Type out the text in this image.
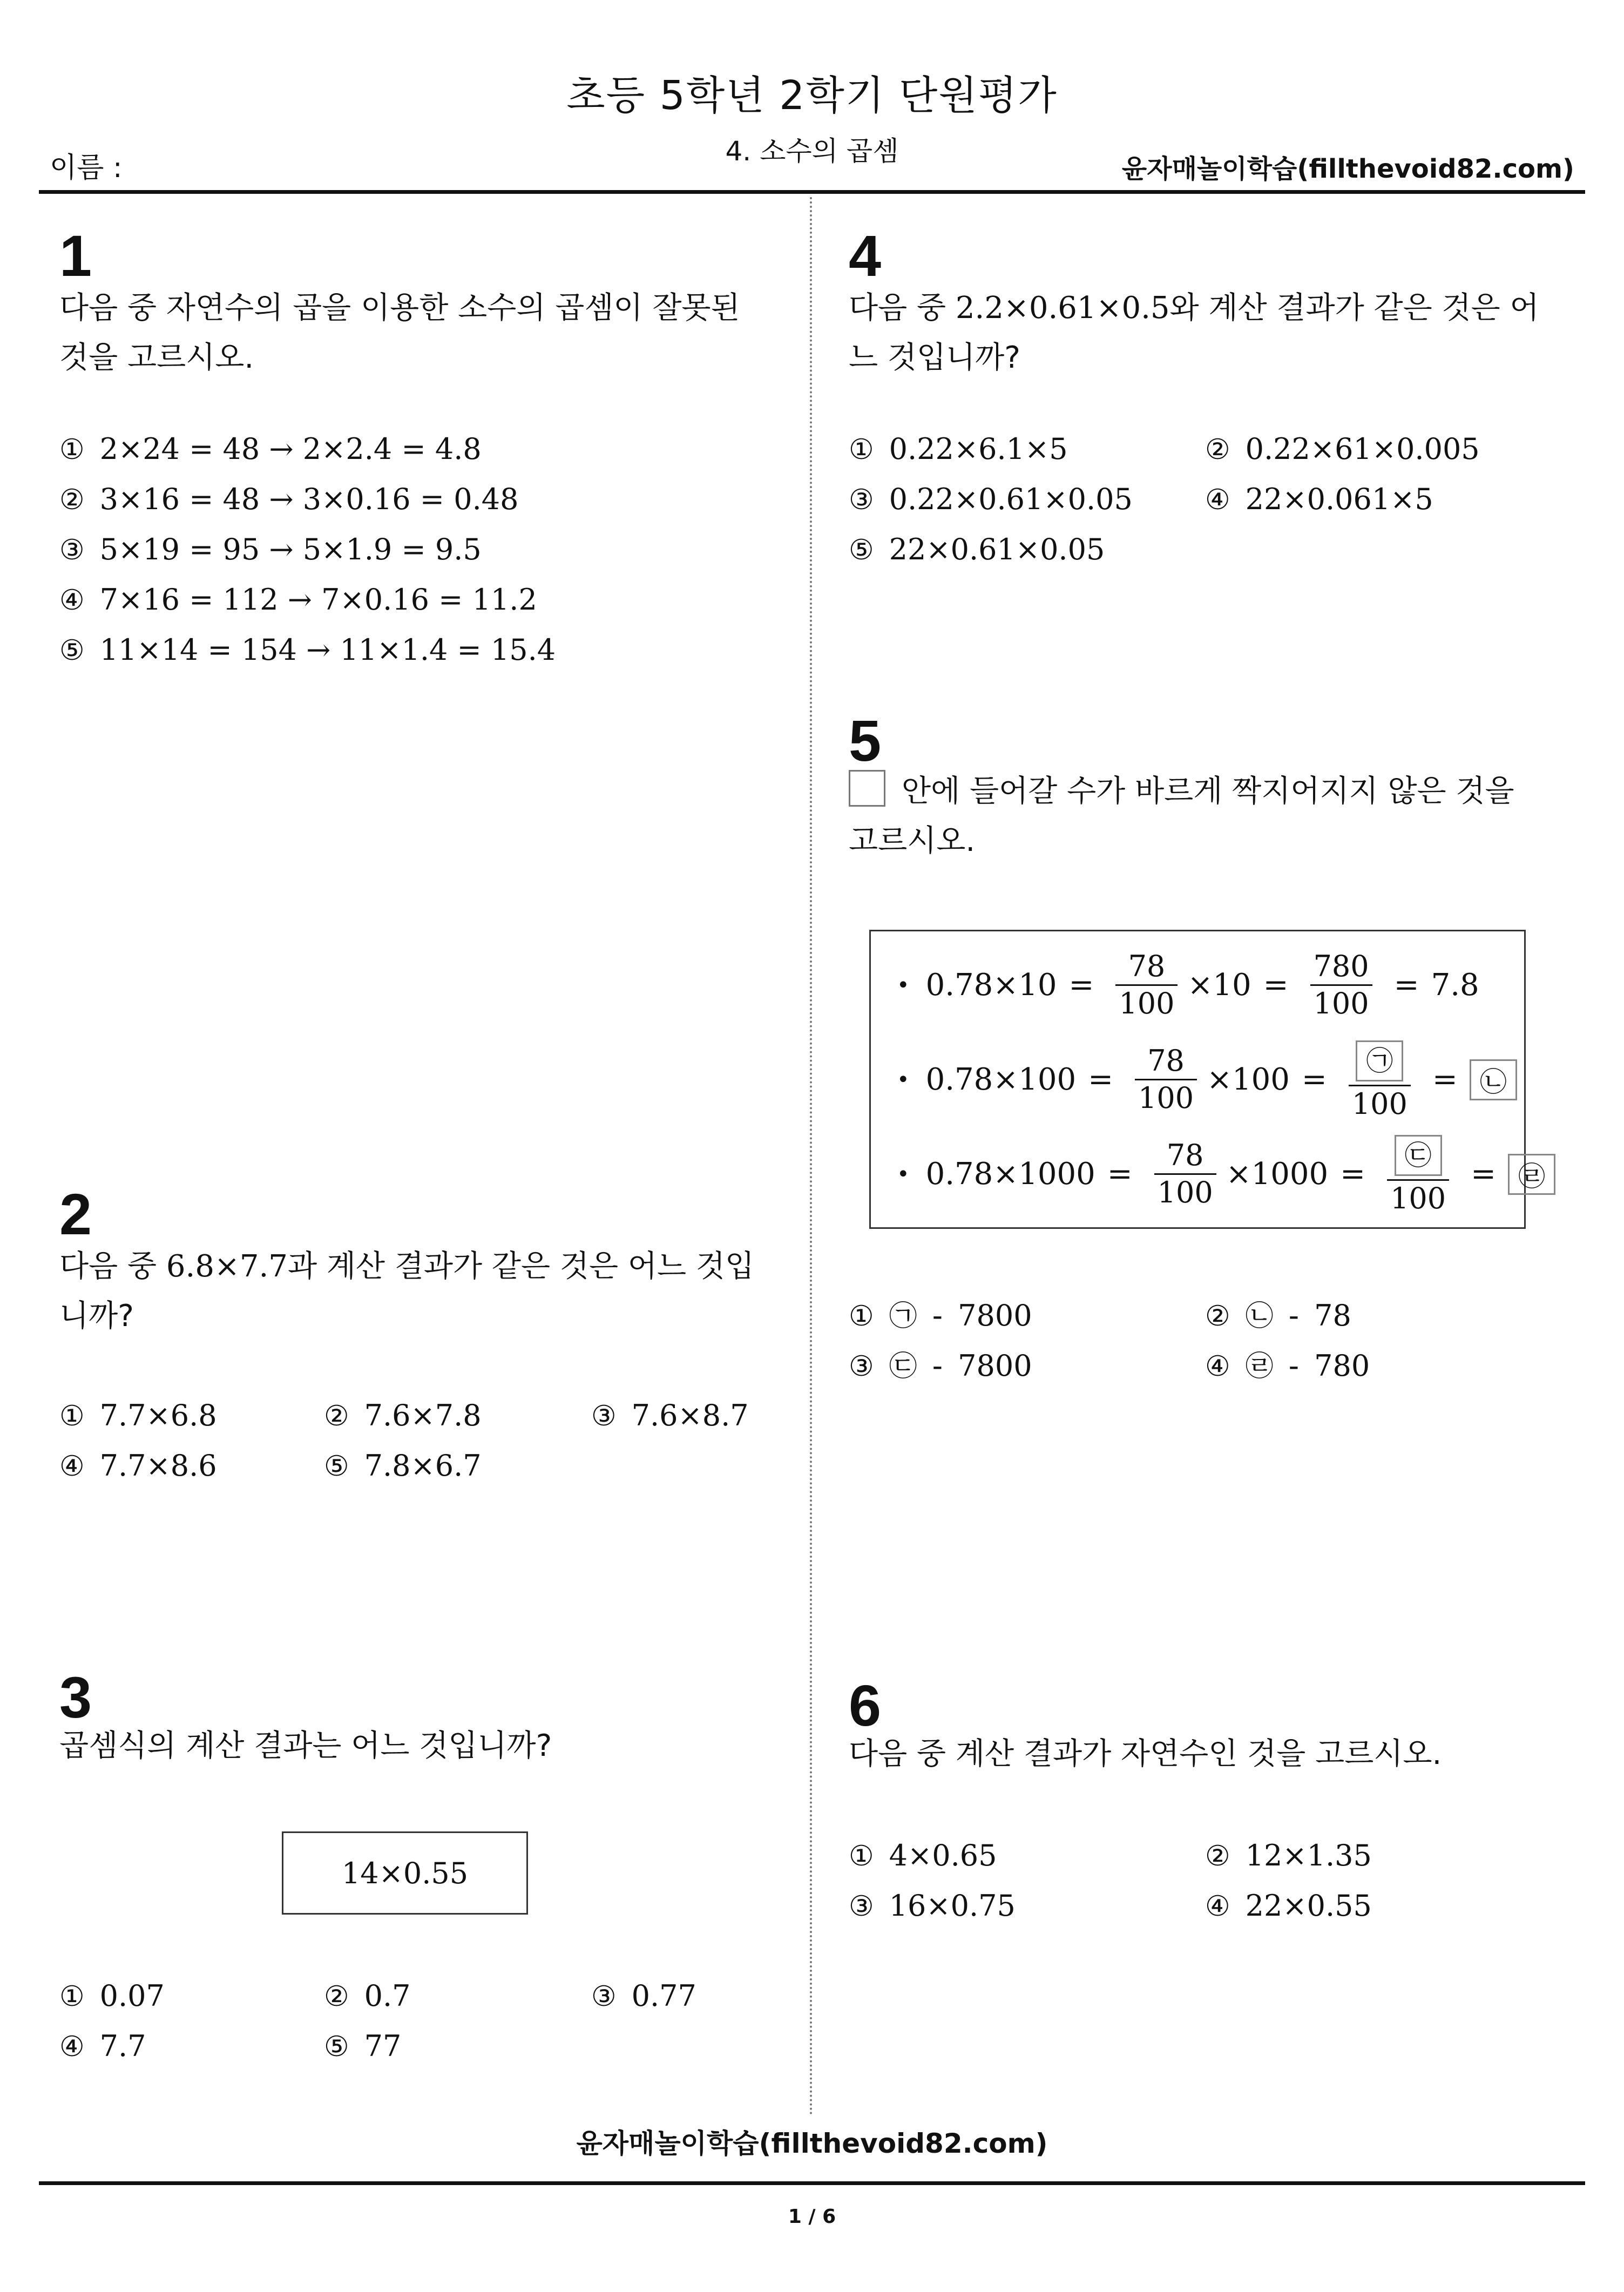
초등 5학년 2학기 단원평가
4. 소수의 곱셈
이름 :	윤자매놀이학습(fillthevoid82.com)
1
다음 중 자연수의 곱을 이용한 소수의 곱셈이 잘못된 것을 고르시오.
① 2×24 = 48 → 2×2.4 = 4.8
② 3×16 = 48 → 3×0.16 = 0.48
③ 5×19 = 95 → 5×1.9 = 9.5
④ 7×16 = 112 → 7×0.16 = 11.2
⑤ 11×14 = 154 → 11×1.4 = 15.4
2
다음 중 6.8×7.7과 계산 결과가 같은 것은 어느 것입니까?
① 7.7×6.8	② 7.6×7.8	③ 7.6×8.7
④ 7.7×8.6	⑤ 7.8×6.7
3
곱셈식의 계산 결과는 어느 것입니까?
14×0.55
① 0.07	② 0.7	③ 0.77
④ 7.7	⑤ 77
4
다음 중 2.2×0.61×0.5와 계산 결과가 같은 것은 어느 것입니까?
① 0.22×6.1×5	② 0.22×61×0.005
③ 0.22×0.61×0.05	④ 22×0.061×5
⑤ 22×0.61×0.05
5
안에 들어갈 수가 바르게 짝지어지지 않은 것을 고르시오.
• $0.78\times 10 = \frac{78}{100} \times 10 = \frac{780}{100} = 7.8$
• $0.78\times 100 = \frac{78}{100} \times 100 = \frac{㉠}{100}$ = ㉡
• $0.78\times 1000 = \frac{78}{100} \times 1000 = \frac{㉢}{100}$ = ㉣
① ㉠ - 7800	② ㉡ - 78
③ ㉢ - 7800	④ ㉣ - 780
6
다음 중 계산 결과가 자연수인 것을 고르시오.
① 4×0.65	② 12×1.35
③ 16×0.75	④ 22×0.55
윤자매놀이학습(fillthevoid82.com)
1 / 6
